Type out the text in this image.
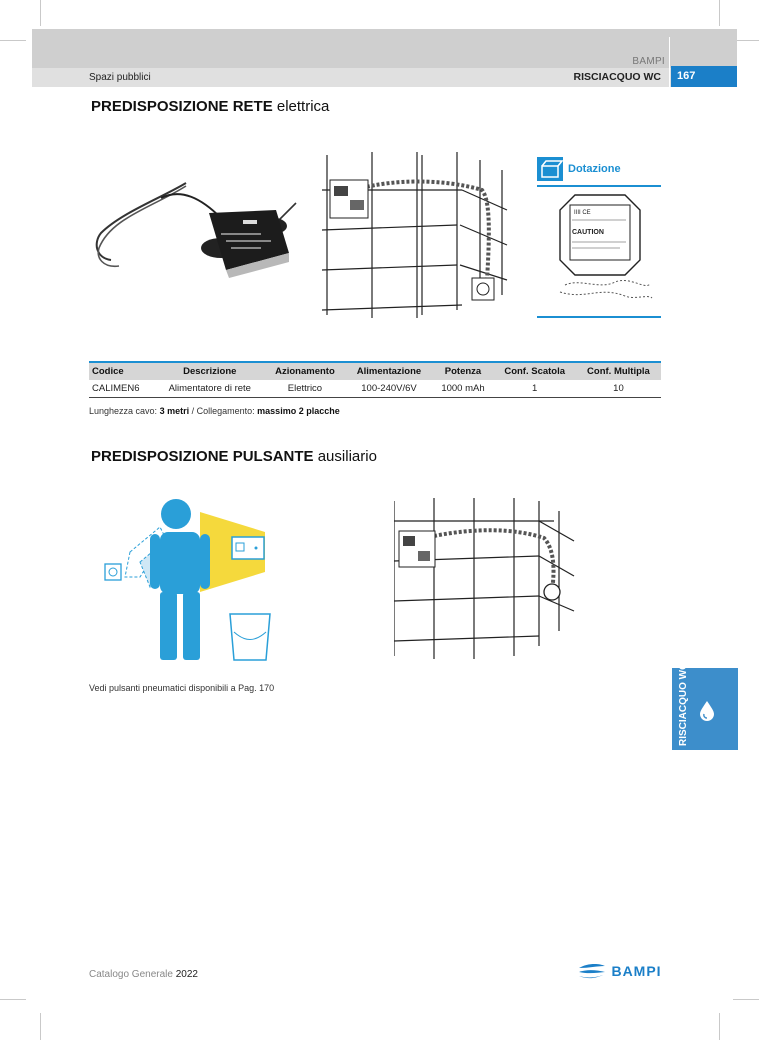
BAMPI
Spazi pubblici	RISCIACQUO WC	167
PREDISPOSIZIONE RETE elettrica
Dotazione
IIII CE
CAUTION
Codice	Descrizione	Azionamento	Alimentazione	Potenza	Conf. Scatola	Conf. Multipla
CALIMEN6	Alimentatore di rete	Elettrico	100-240V/6V	1000 mAh	1	10
Lunghezza cavo: 3 metri / Collegamento: massimo 2 placche
PREDISPOSIZIONE PULSANTE ausiliario
Vedi pulsanti pneumatici disponibili a Pag. 170	RISCIACQUO WC
Catalogo Generale 2022	BAMPI
